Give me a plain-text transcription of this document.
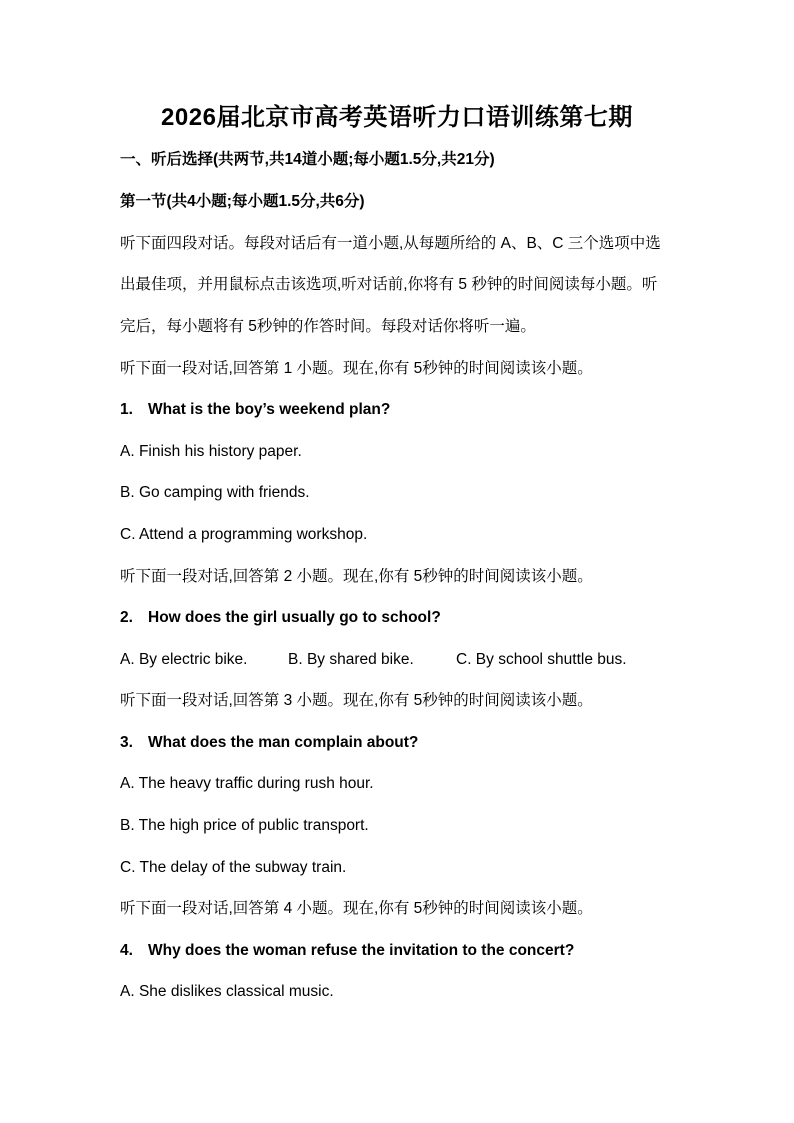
2026届北京市高考英语听力口语训练第七期
一、听后选择(共两节,共14道小题;每小题1.5分,共21分)
第一节(共4小题;每小题1.5分,共6分)
听下面四段对话。每段对话后有一道小题,从每题所给的 A、B、C 三个选项中选
出最佳项，并用鼠标点击该选项,听对话前,你将有 5 秒钟的时间阅读每小题。听
完后，每小题将有 5秒钟的作答时间。每段对话你将听一遍。
听下面一段对话,回答第 1 小题。现在,你有 5秒钟的时间阅读该小题。
1. What is the boy’s weekend plan?
A. Finish his history paper.
B. Go camping with friends.
C. Attend a programming workshop.
听下面一段对话,回答第 2 小题。现在,你有 5秒钟的时间阅读该小题。
2. How does the girl usually go to school?
A. By electric bike.	B. By shared bike.	C. By school shuttle bus.
听下面一段对话,回答第 3 小题。现在,你有 5秒钟的时间阅读该小题。
3. What does the man complain about?
A. The heavy traffic during rush hour.
B. The high price of public transport.
C. The delay of the subway train.
听下面一段对话,回答第 4 小题。现在,你有 5秒钟的时间阅读该小题。
4. Why does the woman refuse the invitation to the concert?
A. She dislikes classical music.
